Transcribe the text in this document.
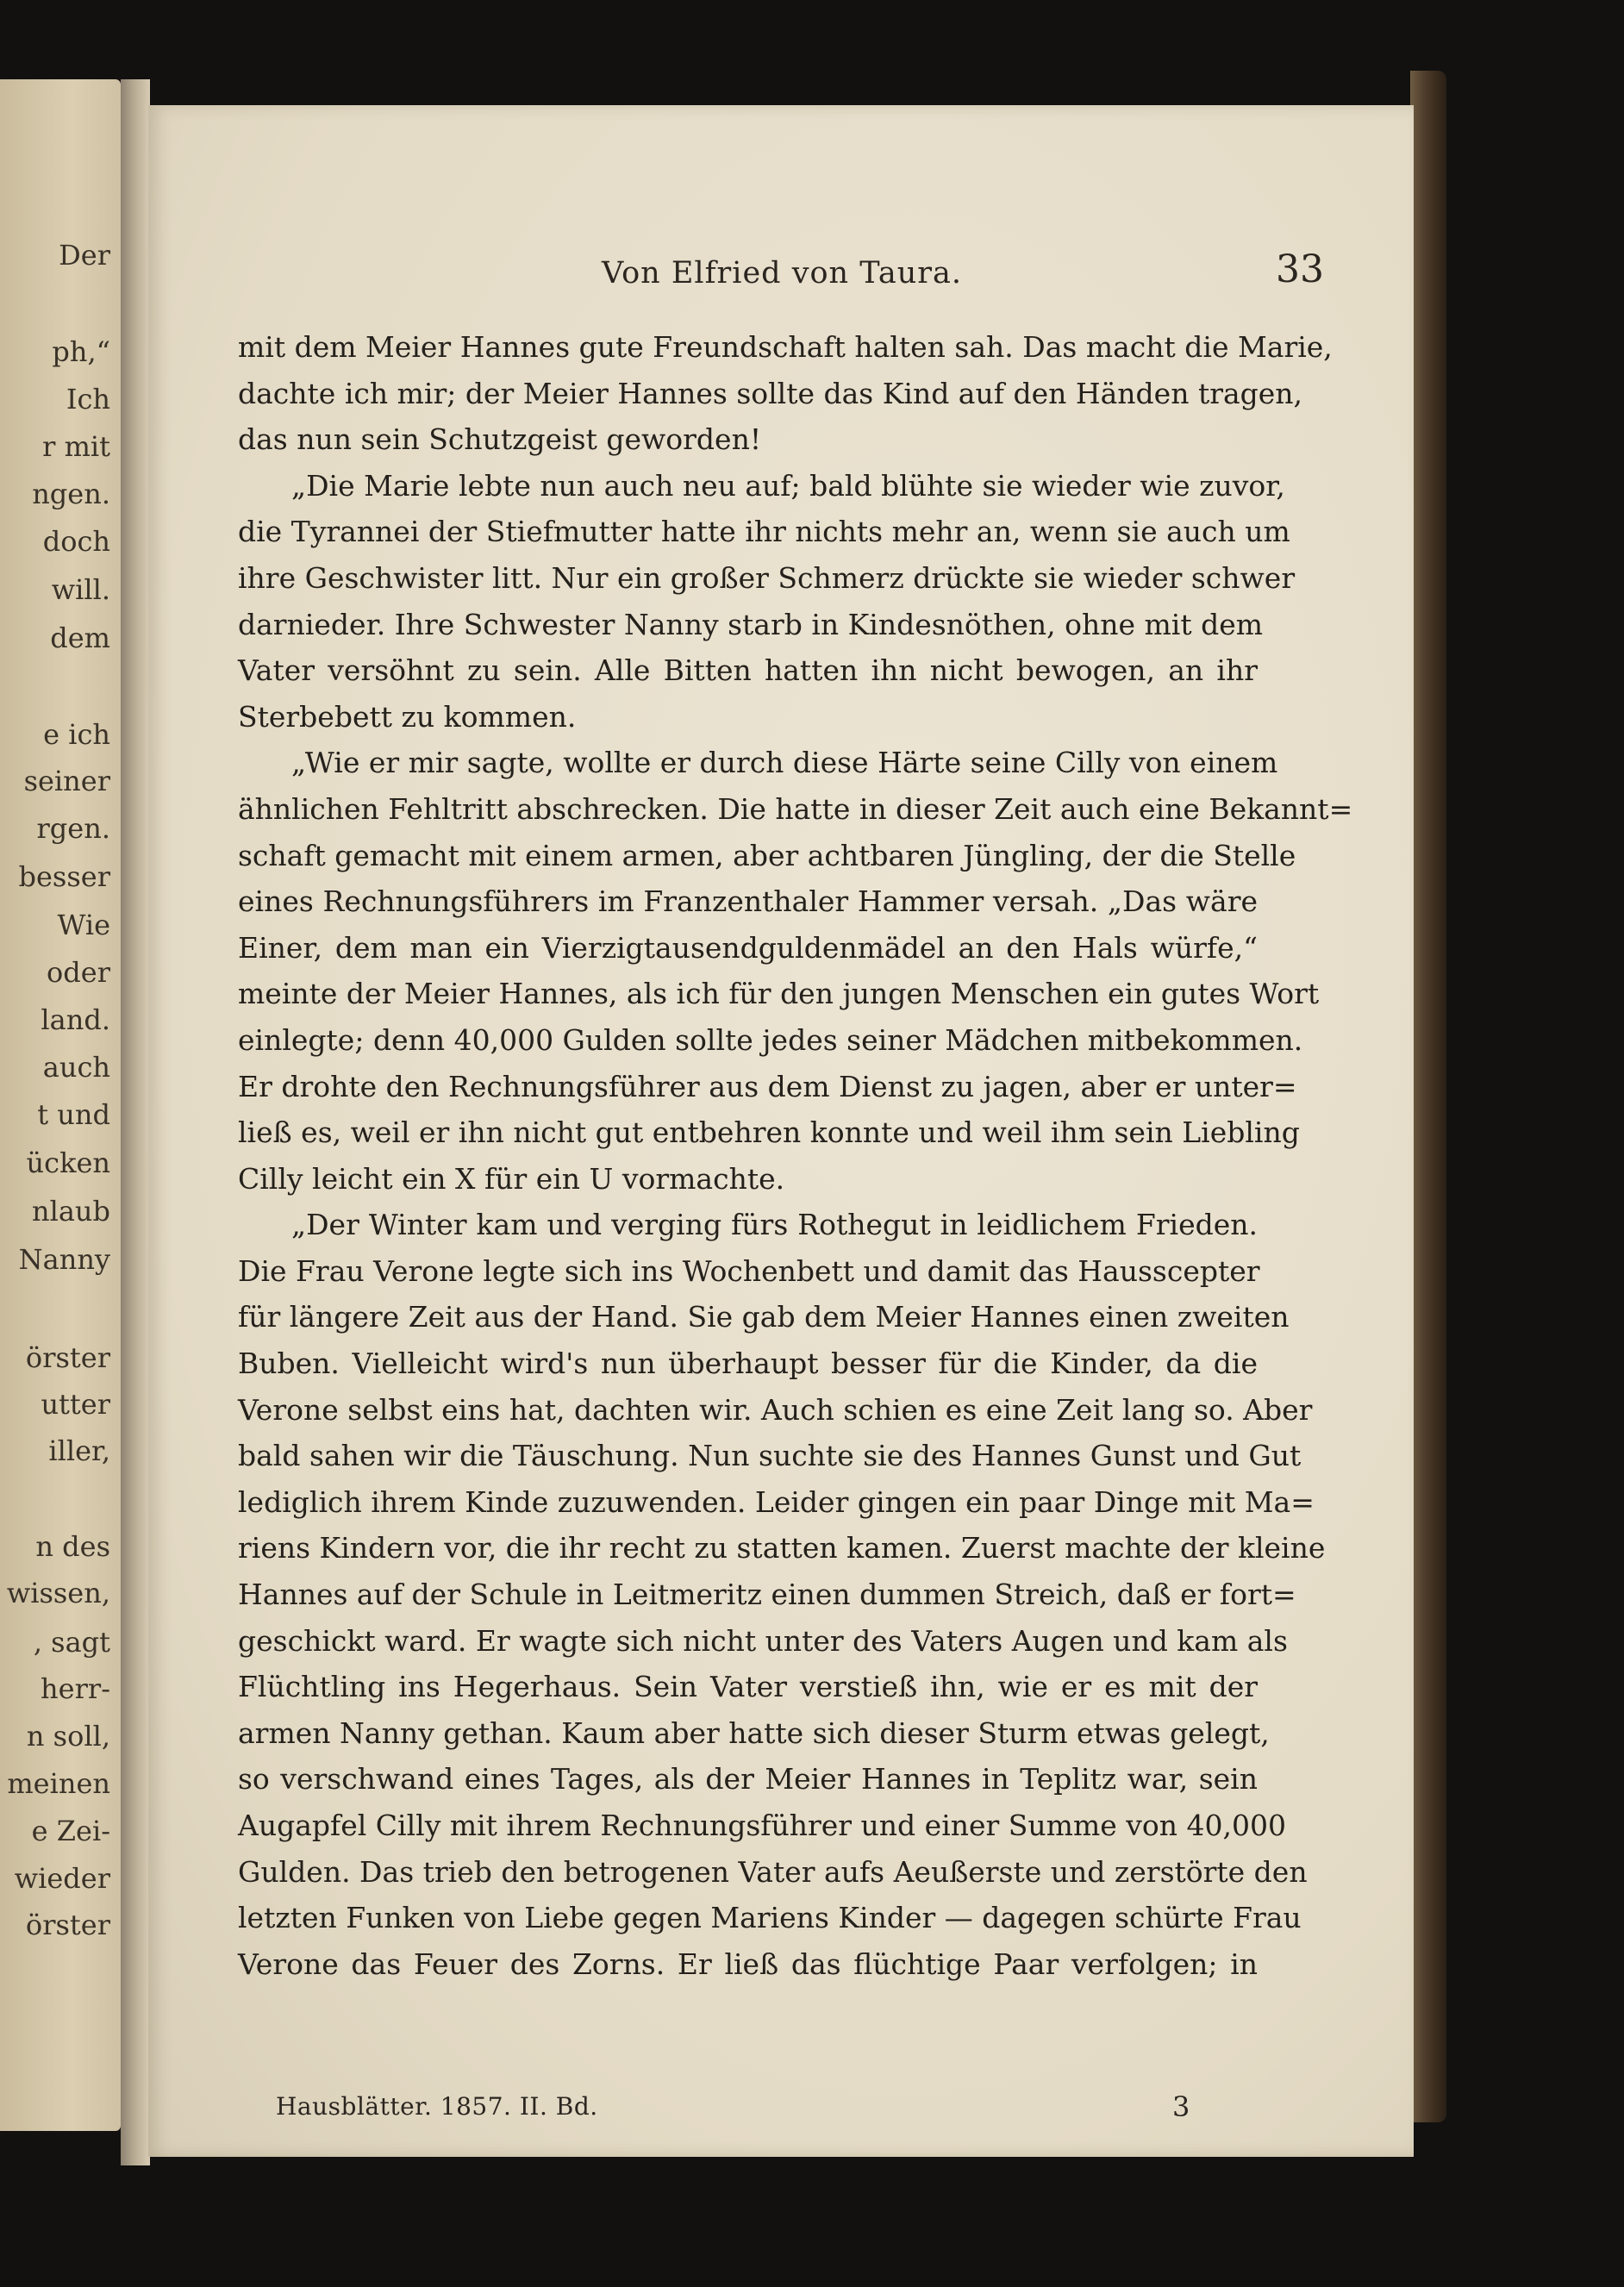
Der

ph,“

Ich

r mit

ngen.

doch

will.

dem

e ich

seiner

rgen.

besser

Wie

oder

land.

auch

t und

ücken

nlaub

Nanny

örster

utter

iller,

n des

wissen,

, sagt

herr-

n soll,

meinen

e Zei-

wieder

örster

Von Elfried von Taura.	33

mit dem Meier Hannes gute Freundschaft halten sah. Das macht die Marie,

dachte ich mir; der Meier Hannes sollte das Kind auf den Händen tragen,

das nun sein Schutzgeist geworden!

„Die Marie lebte nun auch neu auf; bald blühte sie wieder wie zuvor,

die Tyrannei der Stiefmutter hatte ihr nichts mehr an, wenn sie auch um

ihre Geschwister litt. Nur ein großer Schmerz drückte sie wieder schwer

darnieder. Ihre Schwester Nanny starb in Kindesnöthen, ohne mit dem

Vater versöhnt zu sein. Alle Bitten hatten ihn nicht bewogen, an ihr

Sterbebett zu kommen.

„Wie er mir sagte, wollte er durch diese Härte seine Cilly von einem

ähnlichen Fehltritt abschrecken. Die hatte in dieser Zeit auch eine Bekannt=

schaft gemacht mit einem armen, aber achtbaren Jüngling, der die Stelle

eines Rechnungsführers im Franzenthaler Hammer versah. „Das wäre

Einer, dem man ein Vierzigtausendguldenmädel an den Hals würfe,“

meinte der Meier Hannes, als ich für den jungen Menschen ein gutes Wort

einlegte; denn 40,000 Gulden sollte jedes seiner Mädchen mitbekommen.

Er drohte den Rechnungsführer aus dem Dienst zu jagen, aber er unter=

ließ es, weil er ihn nicht gut entbehren konnte und weil ihm sein Liebling

Cilly leicht ein X für ein U vormachte.

„Der Winter kam und verging fürs Rothegut in leidlichem Frieden.

Die Frau Verone legte sich ins Wochenbett und damit das Hausscepter

für längere Zeit aus der Hand. Sie gab dem Meier Hannes einen zweiten

Buben. Vielleicht wird's nun überhaupt besser für die Kinder, da die

Verone selbst eins hat, dachten wir. Auch schien es eine Zeit lang so. Aber

bald sahen wir die Täuschung. Nun suchte sie des Hannes Gunst und Gut

lediglich ihrem Kinde zuzuwenden. Leider gingen ein paar Dinge mit Ma=

riens Kindern vor, die ihr recht zu statten kamen. Zuerst machte der kleine

Hannes auf der Schule in Leitmeritz einen dummen Streich, daß er fort=

geschickt ward. Er wagte sich nicht unter des Vaters Augen und kam als

Flüchtling ins Hegerhaus. Sein Vater verstieß ihn, wie er es mit der

armen Nanny gethan. Kaum aber hatte sich dieser Sturm etwas gelegt,

so verschwand eines Tages, als der Meier Hannes in Teplitz war, sein

Augapfel Cilly mit ihrem Rechnungsführer und einer Summe von 40,000

Gulden. Das trieb den betrogenen Vater aufs Aeußerste und zerstörte den

letzten Funken von Liebe gegen Mariens Kinder — dagegen schürte Frau

Verone das Feuer des Zorns. Er ließ das flüchtige Paar verfolgen; in

Hausblätter. 1857. II. Bd.	3
